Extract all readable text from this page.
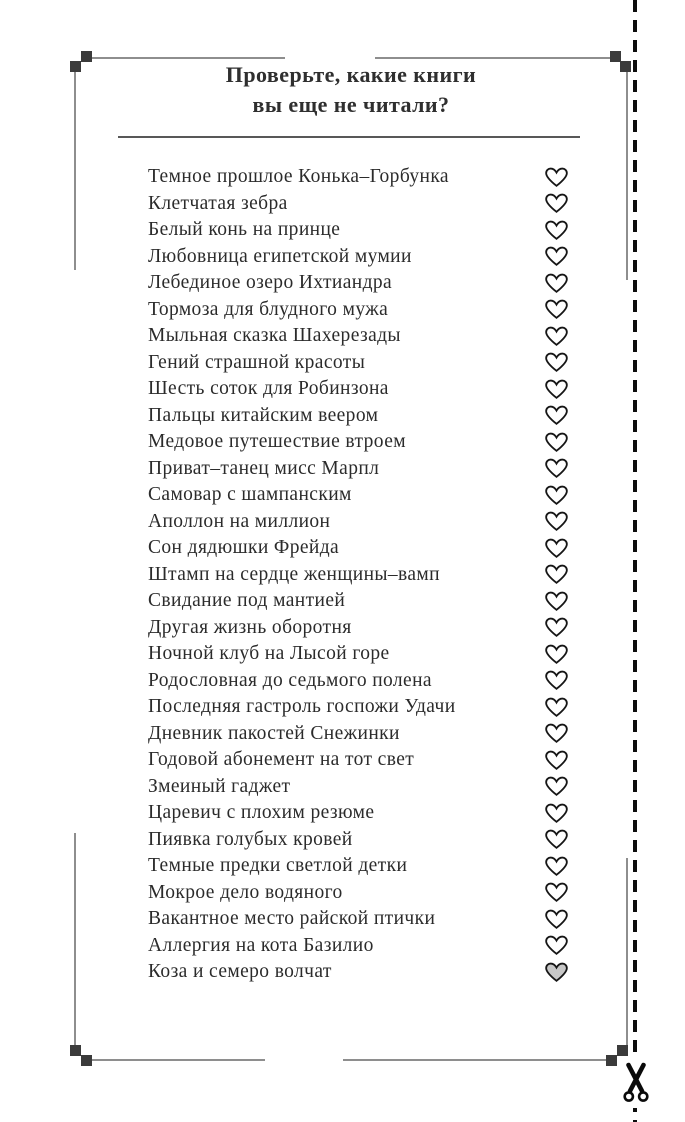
Проверьте, какие книги
вы еще не читали?
Темное прошлое Конька–Горбунка
Клетчатая зебра
Белый конь на принце
Любовница египетской мумии
Лебединое озеро Ихтиандра
Тормоза для блудного мужа
Мыльная сказка Шахерезады
Гений страшной красоты
Шесть соток для Робинзона
Пальцы китайским веером
Медовое путешествие втроем
Приват–танец мисс Марпл
Самовар с шампанским
Аполлон на миллион
Сон дядюшки Фрейда
Штамп на сердце женщины–вамп
Свидание под мантией
Другая жизнь оборотня
Ночной клуб на Лысой горе
Родословная до седьмого полена
Последняя гастроль госпожи Удачи
Дневник пакостей Снежинки
Годовой абонемент на тот свет
Змеиный гаджет
Царевич с плохим резюме
Пиявка голубых кровей
Темные предки светлой детки
Мокрое дело водяного
Вакантное место райской птички
Аллергия на кота Базилио
Коза и семеро волчат
